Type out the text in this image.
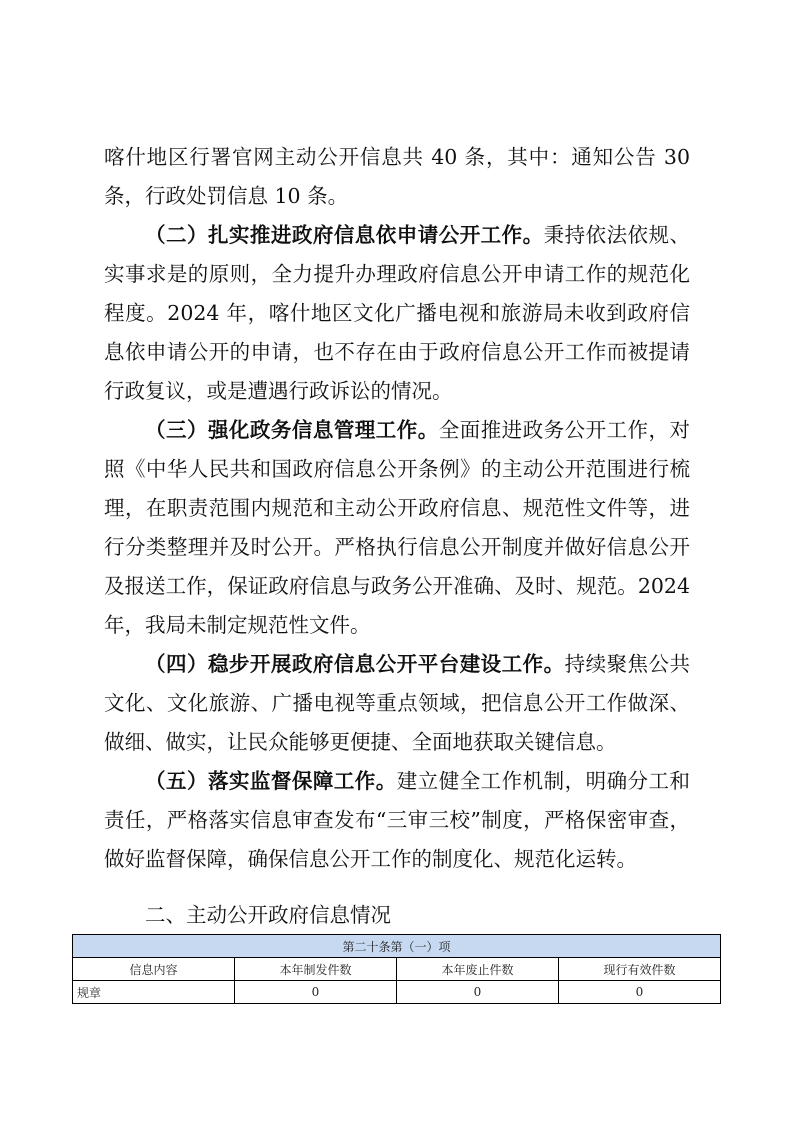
喀什地区行署官网主动公开信息共 40 条，其中：通知公告 30 条，行政处罚信息 10 条。

（二）扎实推进政府信息依申请公开工作。秉持依法依规、实事求是的原则，全力提升办理政府信息公开申请工作的规范化程度。2024 年，喀什地区文化广播电视和旅游局未收到政府信息依申请公开的申请，也不存在由于政府信息公开工作而被提请行政复议，或是遭遇行政诉讼的情况。

（三）强化政务信息管理工作。全面推进政务公开工作，对照《中华人民共和国政府信息公开条例》的主动公开范围进行梳理，在职责范围内规范和主动公开政府信息、规范性文件等，进行分类整理并及时公开。严格执行信息公开制度并做好信息公开及报送工作，保证政府信息与政务公开准确、及时、规范。2024 年，我局未制定规范性文件。

（四）稳步开展政府信息公开平台建设工作。持续聚焦公共文化、文化旅游、广播电视等重点领域，把信息公开工作做深、做细、做实，让民众能够更便捷、全面地获取关键信息。

（五）落实监督保障工作。建立健全工作机制，明确分工和责任，严格落实信息审查发布“三审三校”制度，严格保密审查，做好监督保障，确保信息公开工作的制度化、规范化运转。

二、主动公开政府信息情况
第二十条第（一）项			
信息内容	本年制发件数	本年废止件数	现行有效件数
规章	0	0	0
